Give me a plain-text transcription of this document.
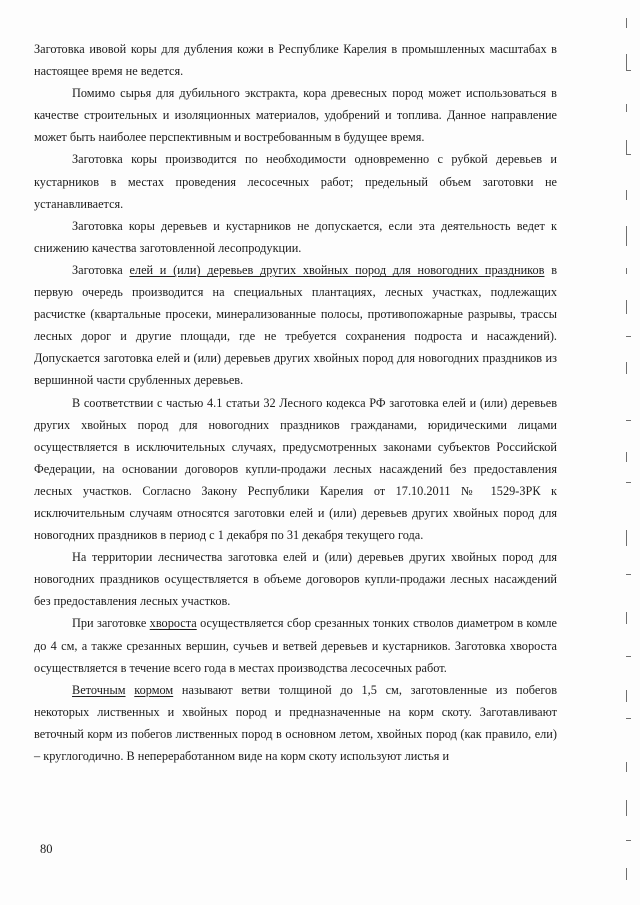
Заготовка ивовой коры для дубления кожи в Республике Карелия в промышленных масштабах в настоящее время не ведется.

Помимо сырья для дубильного экстракта, кора древесных пород может использоваться в качестве строительных и изоляционных материалов, удобрений и топлива. Данное направление может быть наиболее перспективным и востребованным в будущее время.

Заготовка коры производится по необходимости одновременно с рубкой деревьев и кустарников в местах проведения лесосечных работ; предельный объем заготовки не устанавливается.

Заготовка коры деревьев и кустарников не допускается, если эта деятельность ведет к снижению качества заготовленной лесопродукции.

Заготовка елей и (или) деревьев других хвойных пород для новогодних праздников в первую очередь производится на специальных плантациях, лесных участках, подлежащих расчистке (квартальные просеки, минерализованные полосы, противопожарные разрывы, трассы лесных дорог и другие площади, где не требуется сохранения подроста и насаждений). Допускается заготовка елей и (или) деревьев других хвойных пород для новогодних праздников из вершинной части срубленных деревьев.

В соответствии с частью 4.1 статьи 32 Лесного кодекса РФ заготовка елей и (или) деревьев других хвойных пород для новогодних праздников гражданами, юридическими лицами осуществляется в исключительных случаях, предусмотренных законами субъектов Российской Федерации, на основании договоров купли-продажи лесных насаждений без предоставления лесных участков. Согласно Закону Республики Карелия от 17.10.2011 № 1529-ЗРК к исключительным случаям относятся заготовки елей и (или) деревьев других хвойных пород для новогодних праздников в период с 1 декабря по 31 декабря текущего года.

На территории лесничества заготовка елей и (или) деревьев других хвойных пород для новогодних праздников осуществляется в объеме договоров купли-продажи лесных насаждений без предоставления лесных участков.

При заготовке хвороста осуществляется сбор срезанных тонких стволов диаметром в комле до 4 см, а также срезанных вершин, сучьев и ветвей деревьев и кустарников. Заготовка хвороста осуществляется в течение всего года в местах производства лесосечных работ.

Веточным кормом называют ветви толщиной до 1,5 см, заготовленные из побегов некоторых лиственных и хвойных пород и предназначенные на корм скоту. Заготавливают веточный корм из побегов лиственных пород в основном летом, хвойных пород (как правило, ели) – круглогодично. В непереработанном виде на корм скоту используют листья и

80
